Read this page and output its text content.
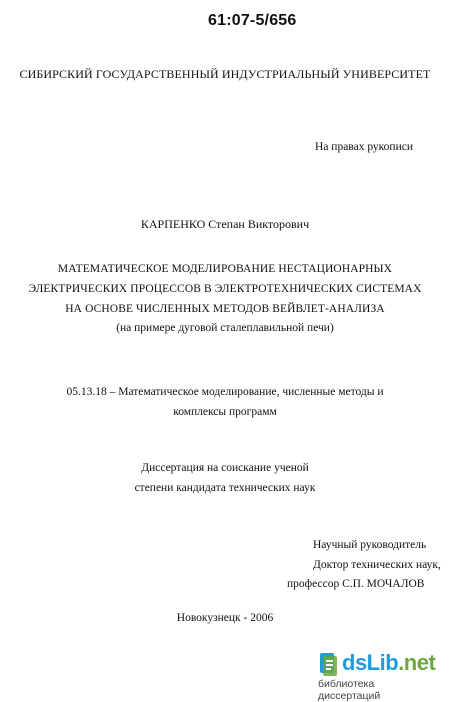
61:07-5/656
СИБИРСКИЙ ГОСУДАРСТВЕННЫЙ ИНДУСТРИАЛЬНЫЙ УНИВЕРСИТЕТ
На правах рукописи
КАРПЕНКО Степан Викторович
МАТЕМАТИЧЕСКОЕ МОДЕЛИРОВАНИЕ НЕСТАЦИОНАРНЫХ
ЭЛЕКТРИЧЕСКИХ ПРОЦЕССОВ В ЭЛЕКТРОТЕХНИЧЕСКИХ СИСТЕМАХ
НА ОСНОВЕ ЧИСЛЕННЫХ МЕТОДОВ ВЕЙВЛЕТ-АНАЛИЗА
(на примере дуговой сталеплавильной печи)
05.13.18 – Математическое моделирование, численные методы и
комплексы программ
Диссертация на соискание ученой
степени кандидата технических наук
Научный руководитель
Доктор технических наук,
профессор С.П. МОЧАЛОВ
Новокузнецк - 2006
dsLib.net
библиотека диссертаций
